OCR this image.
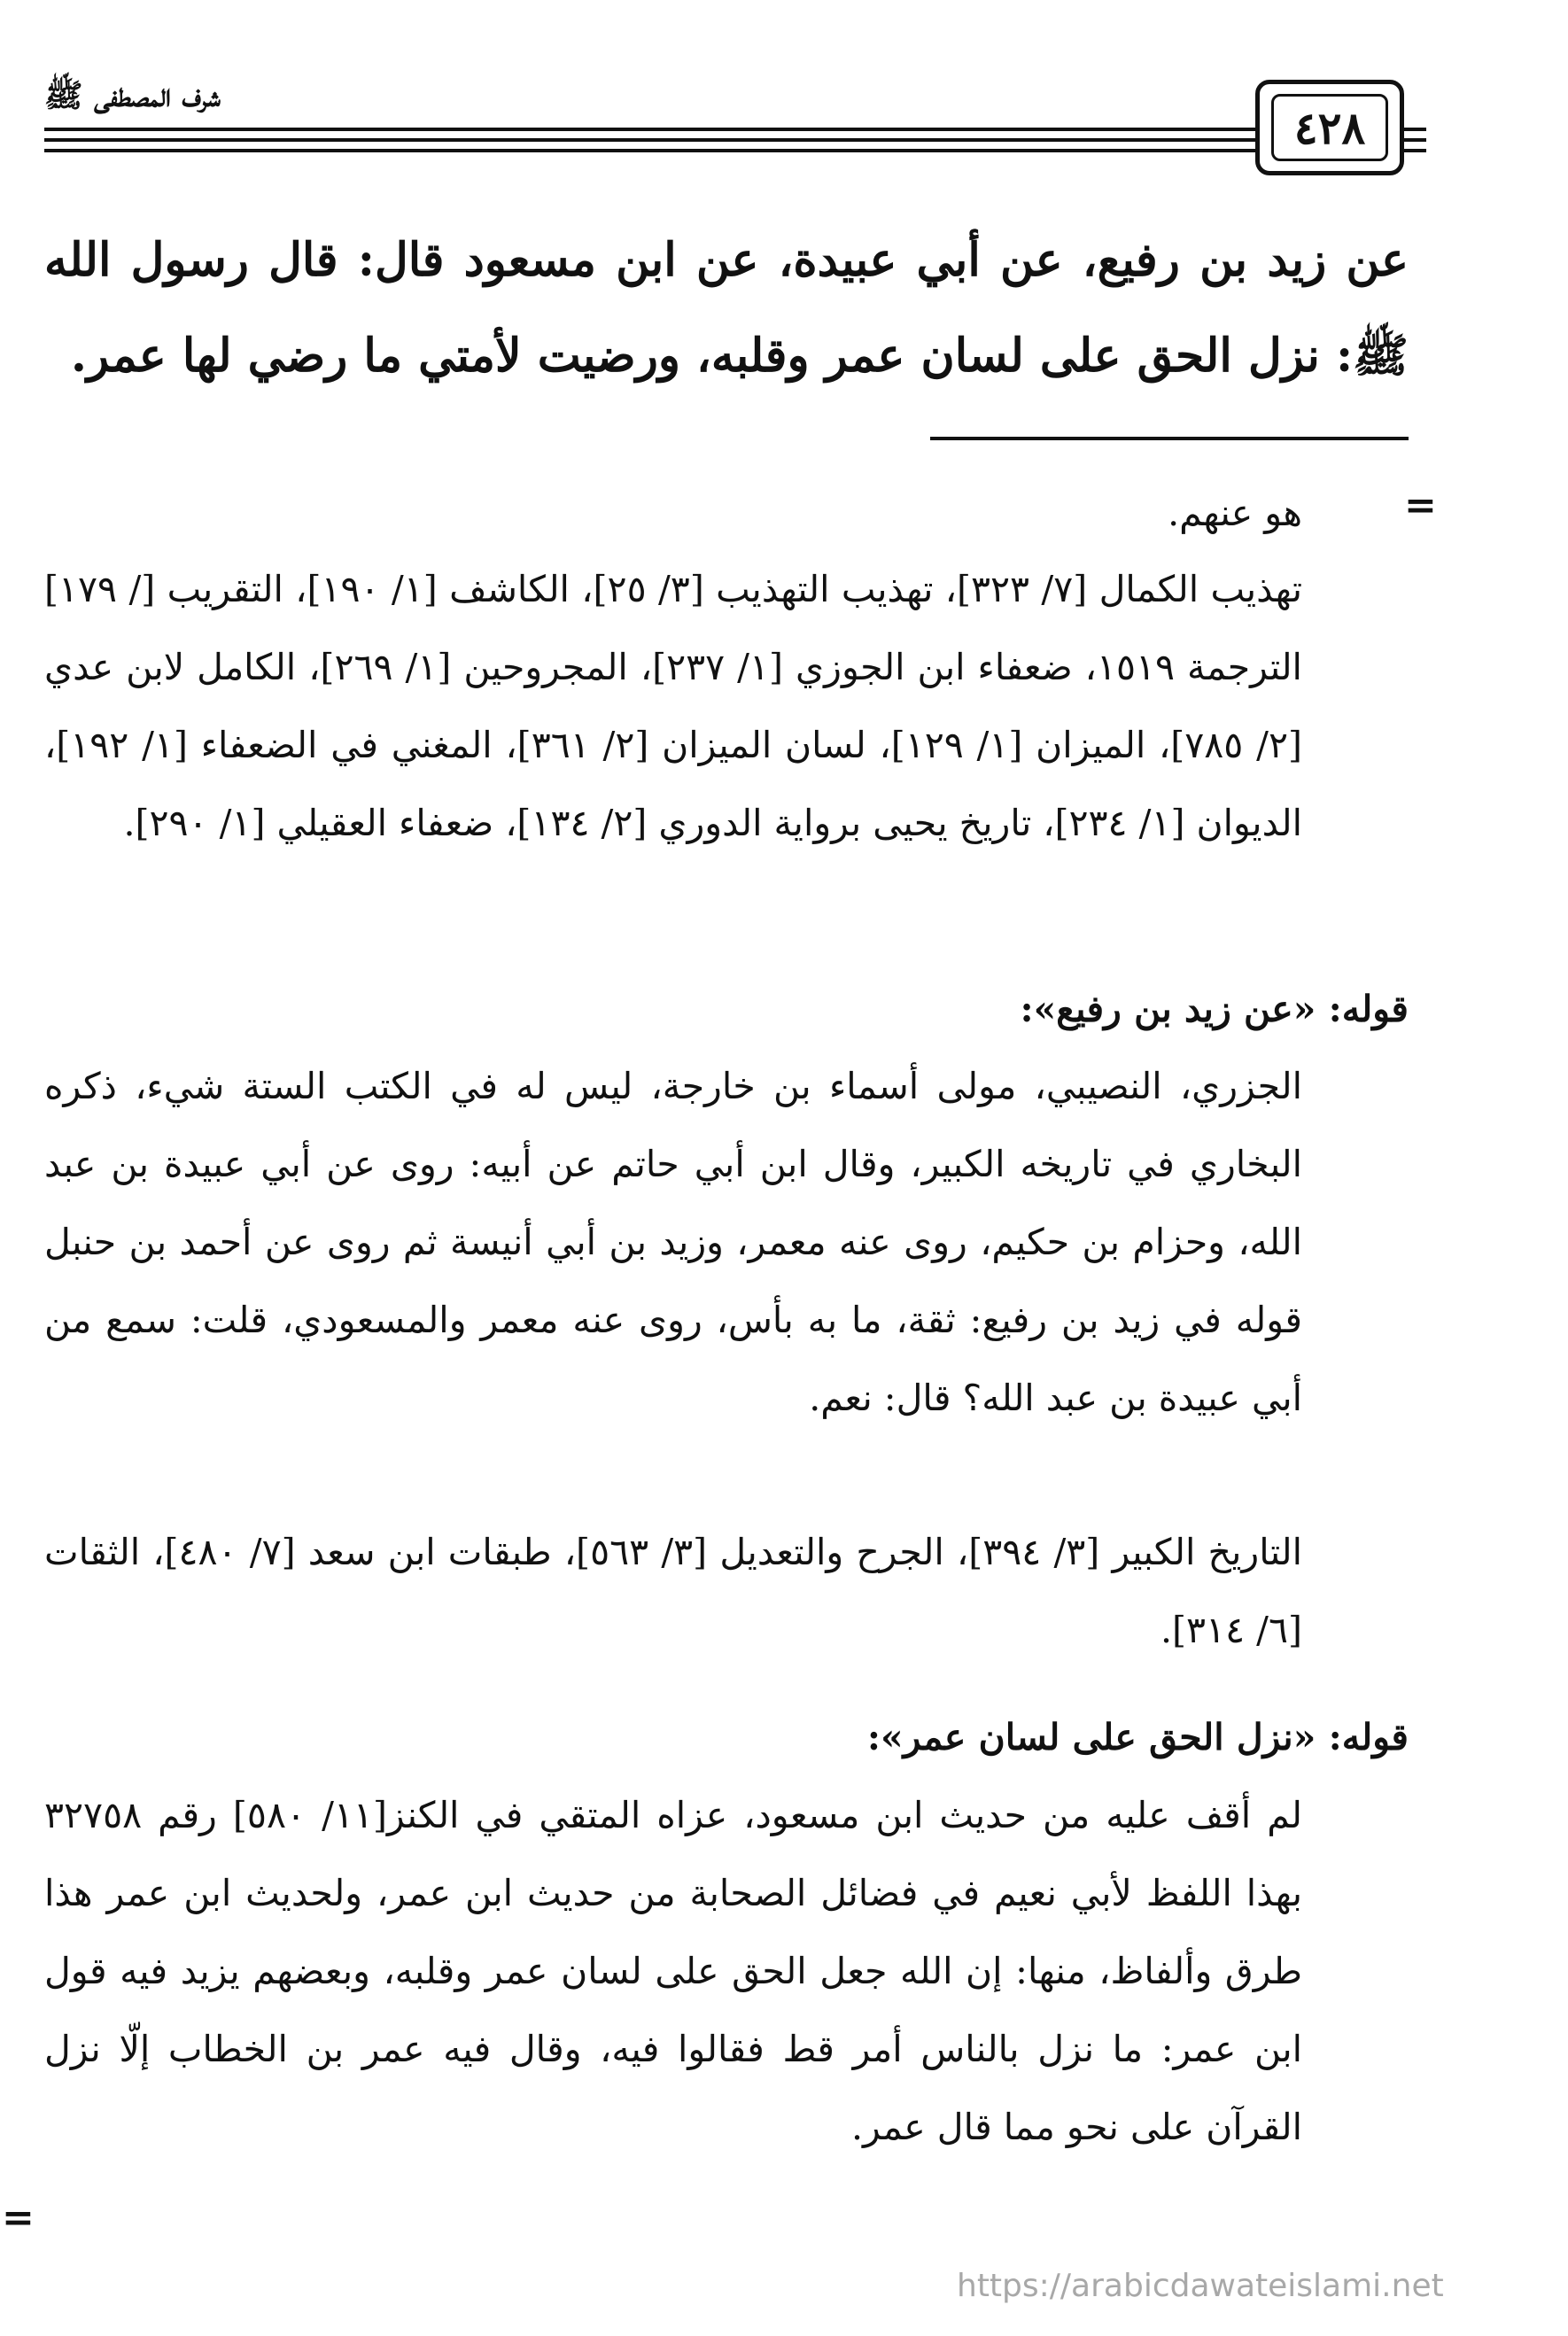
شرف المصطفى ﷺ
٤٢٨

عن زيد بن رفيع، عن أبي عبيدة، عن ابن مسعود قال: قال رسول الله ﷺ: نزل الحق على لسان عمر وقلبه، ورضيت لأمتي ما رضي لها عمر.

=

هو عنهم.

تهذيب الكمال [٧/ ٣٢٣]، تهذيب التهذيب [٣/ ٢٥]، الكاشف [١/ ١٩٠]، التقريب [/ ١٧٩] الترجمة ١٥١٩، ضعفاء ابن الجوزي [١/ ٢٣٧]، المجروحين [١/ ٢٦٩]، الكامل لابن عدي [٢/ ٧٨٥]، الميزان [١/ ١٢٩]، لسان الميزان [٢/ ٣٦١]، المغني في الضعفاء [١/ ١٩٢]، الديوان [١/ ٢٣٤]، تاريخ يحيى برواية الدوري [٢/ ١٣٤]، ضعفاء العقيلي [١/ ٢٩٠].

قوله: «عن زيد بن رفيع»:

الجزري، النصيبي، مولى أسماء بن خارجة، ليس له في الكتب الستة شيء، ذكره البخاري في تاريخه الكبير، وقال ابن أبي حاتم عن أبيه: روى عن أبي عبيدة بن عبد الله، وحزام بن حكيم، روى عنه معمر، وزيد بن أبي أنيسة ثم روى عن أحمد بن حنبل قوله في زيد بن رفيع: ثقة، ما به بأس، روى عنه معمر والمسعودي، قلت: سمع من أبي عبيدة بن عبد الله؟ قال: نعم.

التاريخ الكبير [٣/ ٣٩٤]، الجرح والتعديل [٣/ ٥٦٣]، طبقات ابن سعد [٧/ ٤٨٠]، الثقات [٦/ ٣١٤].

قوله: «نزل الحق على لسان عمر»:

لم أقف عليه من حديث ابن مسعود، عزاه المتقي في الكنز[١١/ ٥٨٠] رقم ٣٢٧٥٨ بهذا اللفظ لأبي نعيم في فضائل الصحابة من حديث ابن عمر، ولحديث ابن عمر هذا طرق وألفاظ، منها: إن الله جعل الحق على لسان عمر وقلبه، وبعضهم يزيد فيه قول ابن عمر: ما نزل بالناس أمر قط فقالوا فيه، وقال فيه عمر بن الخطاب إلّا نزل القرآن على نحو مما قال عمر.

=
https://arabicdawateislami.net
